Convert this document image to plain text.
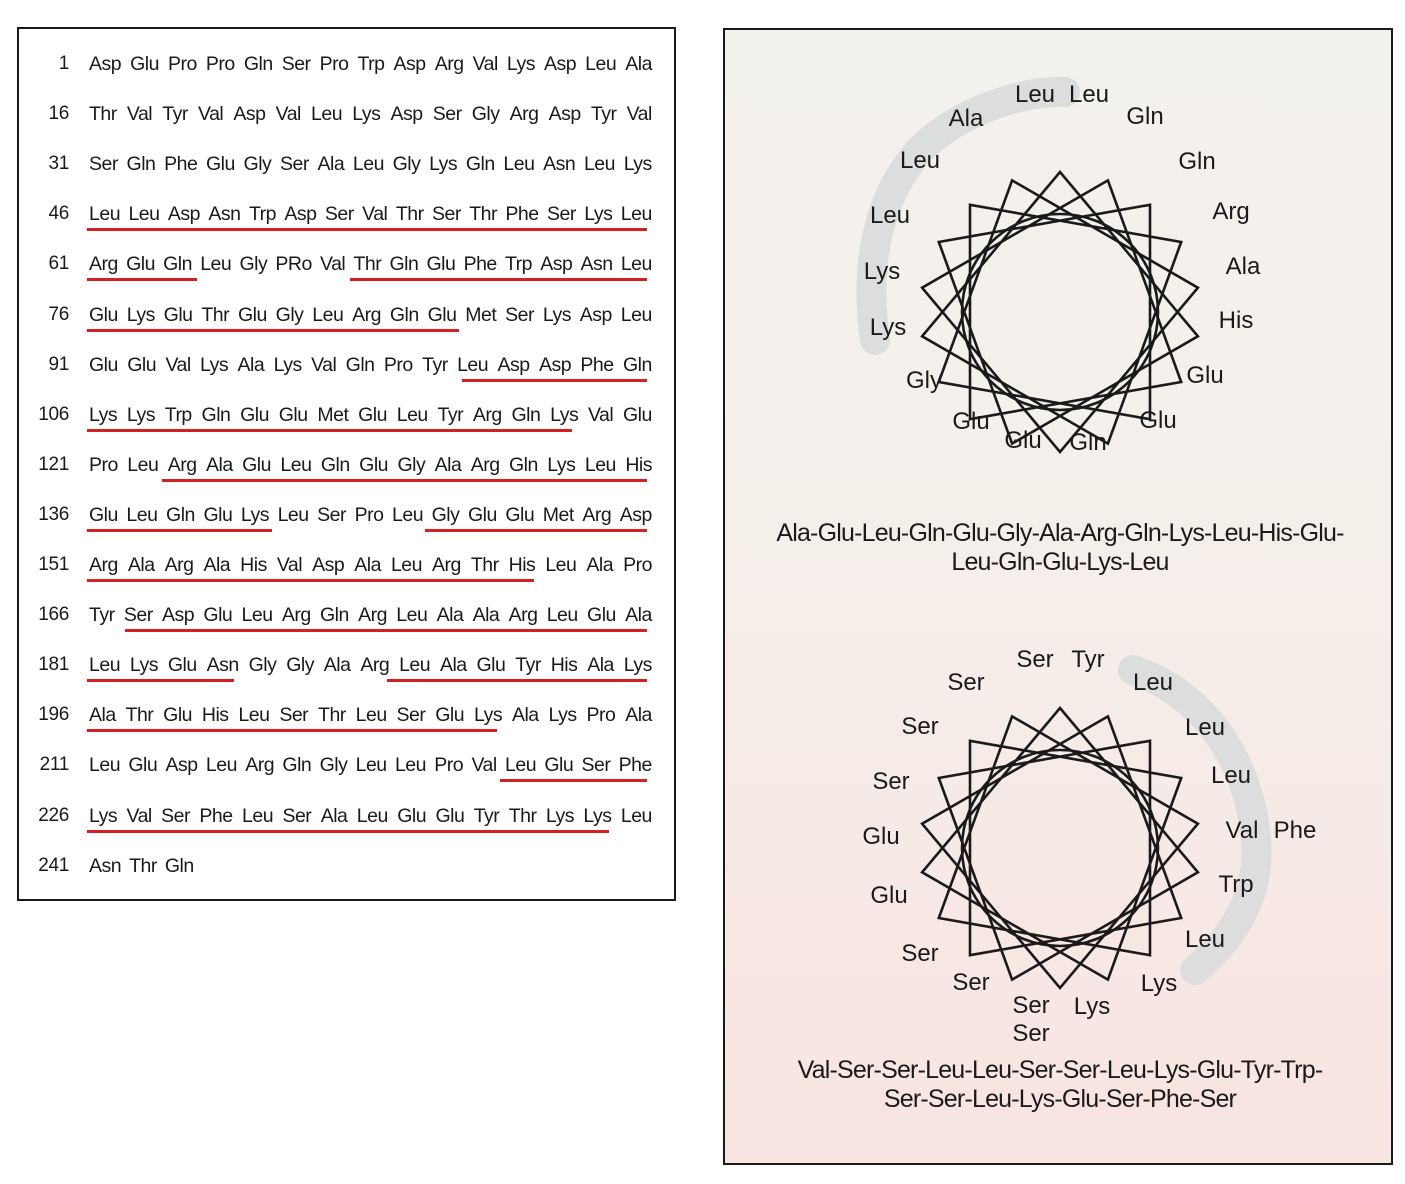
1 Asp Glu Pro Pro Gln Ser Pro Trp Asp Arg Val Lys Asp Leu Ala
16 Thr Val Tyr Val Asp Val Leu Lys Asp Ser Gly Arg Asp Tyr Val
31 Ser Gln Phe Glu Gly Ser Ala Leu Gly Lys Gln Leu Asn Leu Lys
46 Leu Leu Asp Asn Trp Asp Ser Val Thr Ser Thr Phe Ser Lys Leu
61 Arg Glu Gln Leu Gly PRo Val Thr Gln Glu Phe Trp Asp Asn Leu
76 Glu Lys Glu Thr Glu Gly Leu Arg Gln Glu Met Ser Lys Asp Leu
91 Glu Glu Val Lys Ala Lys Val Gln Pro Tyr Leu Asp Asp Phe Gln
106 Lys Lys Trp Gln Glu Glu Met Glu Leu Tyr Arg Gln Lys Val Glu
121 Pro Leu Arg Ala Glu Leu Gln Glu Gly Ala Arg Gln Lys Leu His
136 Glu Leu Gln Glu Lys Leu Ser Pro Leu Gly Glu Glu Met Arg Asp
151 Arg Ala Arg Ala His Val Asp Ala Leu Arg Thr His Leu Ala Pro
166 Tyr Ser Asp Glu Leu Arg Gln Arg Leu Ala Ala Arg Leu Glu Ala
181 Leu Lys Glu Asn Gly Gly Ala Arg Leu Ala Glu Tyr His Ala Lys
196 Ala Thr Glu His Leu Ser Thr Leu Ser Glu Lys Ala Lys Pro Ala
211 Leu Glu Asp Leu Arg Gln Gly Leu Leu Pro Val Leu Glu Ser Phe
226 Lys Val Ser Phe Leu Ser Ala Leu Glu Glu Tyr Thr Lys Lys Leu
241 Asn Thr Gln
Leu Leu
Gln
Gln
Arg
Ala
His
Glu
Glu
Gln
Glu
Glu
Gly
Lys
Lys
Leu
Leu
Ala
Ser Tyr
Leu
Leu
Leu
Val Phe
Trp
Leu
Lys
Lys
Ser
Ser
Ser
Ser
Glu
Glu
Ser
Ser
Ser
Ala-Glu-Leu-Gln-Glu-Gly-Ala-Arg-Gln-Lys-Leu-His-Glu-
Leu-Gln-Glu-Lys-Leu
Val-Ser-Ser-Leu-Leu-Ser-Ser-Leu-Lys-Glu-Tyr-Trp-
Ser-Ser-Leu-Lys-Glu-Ser-Phe-Ser
